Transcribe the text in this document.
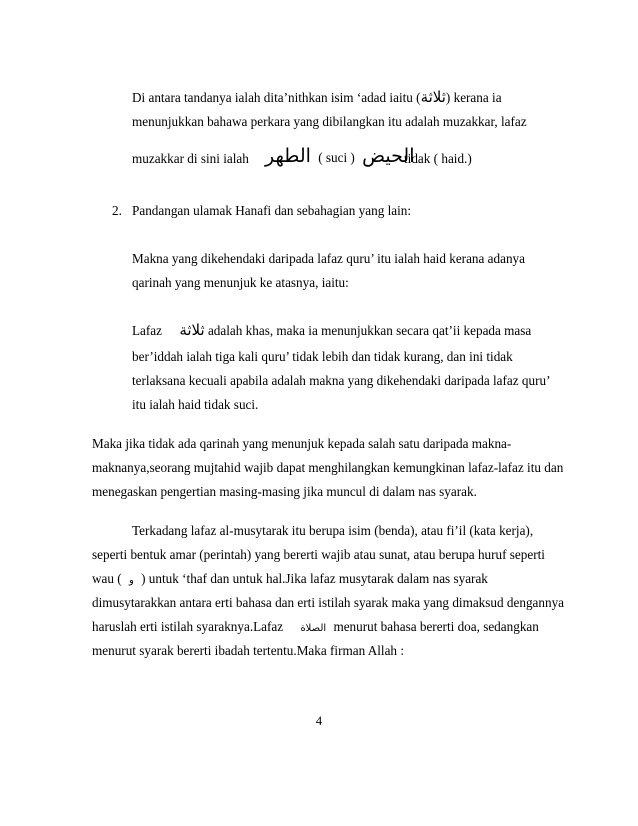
Di antara tandanya ialah dita’nithkan isim ‘adad iaitu (ثلاثة) kerana ia
menunjukkan bahawa perkara yang dibilangkan itu adalah muzakkar, lafaz
muzakkar di sini ialah الطهر ( suci ) الحيض
tidak ( haid.)
2. Pandangan ulamak Hanafi dan sebahagian yang lain:
Makna yang dikehendaki daripada lafaz quru’ itu ialah haid kerana adanya
qarinah yang menunjuk ke atasnya, iaitu:
Lafaz ثلاثة adalah khas, maka ia menunjukkan secara qat’ii kepada masa
ber’iddah ialah tiga kali quru’ tidak lebih dan tidak kurang, dan ini tidak
terlaksana kecuali apabila adalah makna yang dikehendaki daripada lafaz quru’
itu ialah haid tidak suci.
Maka jika tidak ada qarinah yang menunjuk kepada salah satu daripada makna-
maknanya,seorang mujtahid wajib dapat menghilangkan kemungkinan lafaz-lafaz itu dan
menegaskan pengertian masing-masing jika muncul di dalam nas syarak.
Terkadang lafaz al-musytarak itu berupa isim (benda), atau fi’il (kata kerja),
seperti bentuk amar (perintah) yang bererti wajib atau sunat, atau berupa huruf seperti
wau ( و ) untuk ‘thaf dan untuk hal.Jika lafaz musytarak dalam nas syarak
dimusytarakkan antara erti bahasa dan erti istilah syarak maka yang dimaksud dengannya
haruslah erti istilah syaraknya.Lafaz الصلاة menurut bahasa bererti doa, sedangkan
menurut syarak bererti ibadah tertentu.Maka firman Allah :
4
